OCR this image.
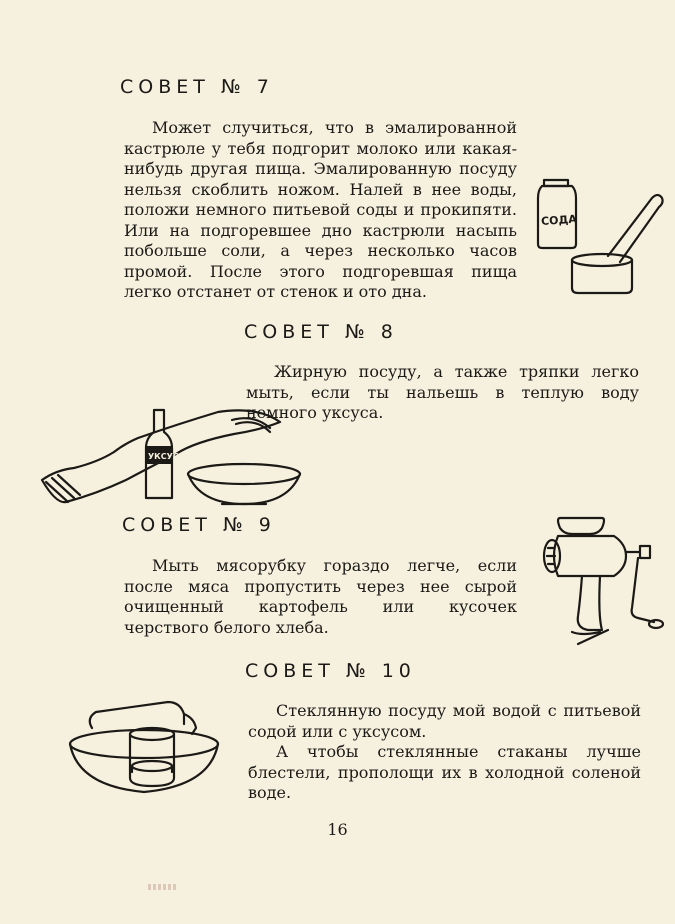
СОВЕТ № 7

Может случиться, что в эмалированной кастрюле у тебя подгорит молоко или какая-нибудь другая пища. Эмалированную посуду нельзя скоблить ножом. Налей в нее воды, положи немного питьевой соды и прокипяти. Или на подгоревшее дно кастрюли насыпь побольше соли, а через несколько часов промой. После этого подгоревшая пища легко отстанет от стенок и ото дна.

СОДА
СОВЕТ № 8

Жирную посуду, а также тряпки легко мыть, если ты нальешь в теплую воду немного уксуса.

УКСУС
СОВЕТ № 9

Мыть мясорубку гораздо легче, если после мяса пропустить через нее сырой очищенный картофель или кусочек черствого белого хлеба.

СОВЕТ № 10

Стеклянную посуду мой водой с питьевой содой или с уксусом.

А чтобы стеклянные стаканы лучше блестели, прополощи их в холодной соленой воде.

16
